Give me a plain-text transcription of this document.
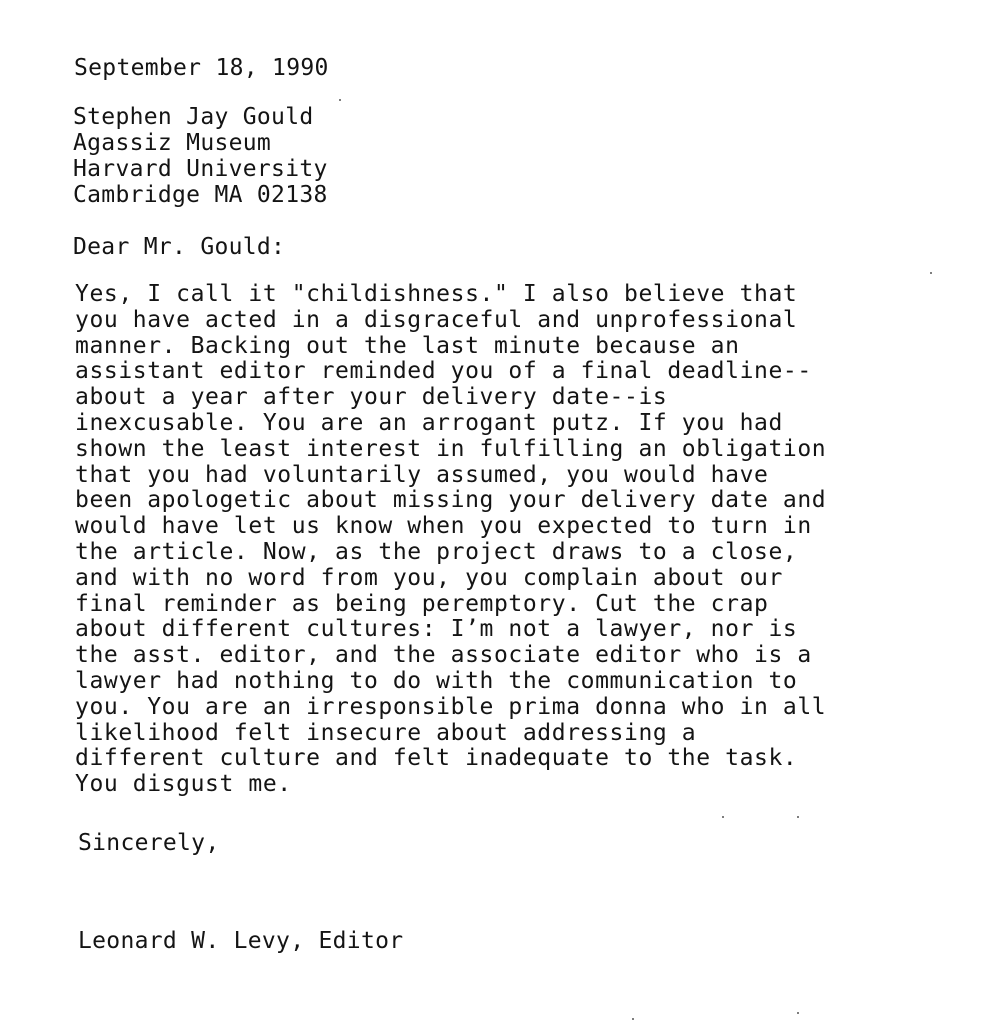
September 18, 1990
Stephen Jay Gould
Agassiz Museum
Harvard University
Cambridge MA 02138
Dear Mr. Gould:
Yes, I call it "childishness." I also believe that
you have acted in a disgraceful and unprofessional
manner. Backing out the last minute because an
assistant editor reminded you of a final deadline--
about a year after your delivery date--is
inexcusable. You are an arrogant putz. If you had
shown the least interest in fulfilling an obligation
that you had voluntarily assumed, you would have
been apologetic about missing your delivery date and
would have let us know when you expected to turn in
the article. Now, as the project draws to a close,
and with no word from you, you complain about our
final reminder as being peremptory. Cut the crap
about different cultures: I’m not a lawyer, nor is
the asst. editor, and the associate editor who is a
lawyer had nothing to do with the communication to
you. You are an irresponsible prima donna who in all
likelihood felt insecure about addressing a
different culture and felt inadequate to the task.
You disgust me.
Sincerely,
Leonard W. Levy, Editor
